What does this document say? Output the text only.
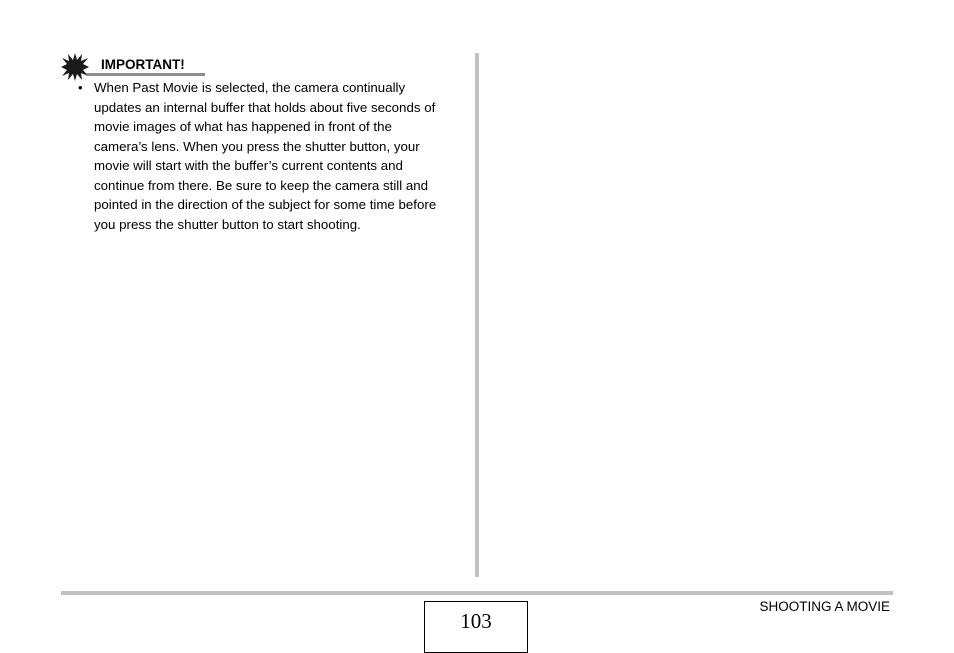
IMPORTANT!
• When Past Movie is selected, the camera continually
updates an internal buffer that holds about five seconds of
movie images of what has happened in front of the
camera’s lens. When you press the shutter button, your
movie will start with the buffer’s current contents and
continue from there. Be sure to keep the camera still and
pointed in the direction of the subject for some time before
you press the shutter button to start shooting.
103
SHOOTING A MOVIE
